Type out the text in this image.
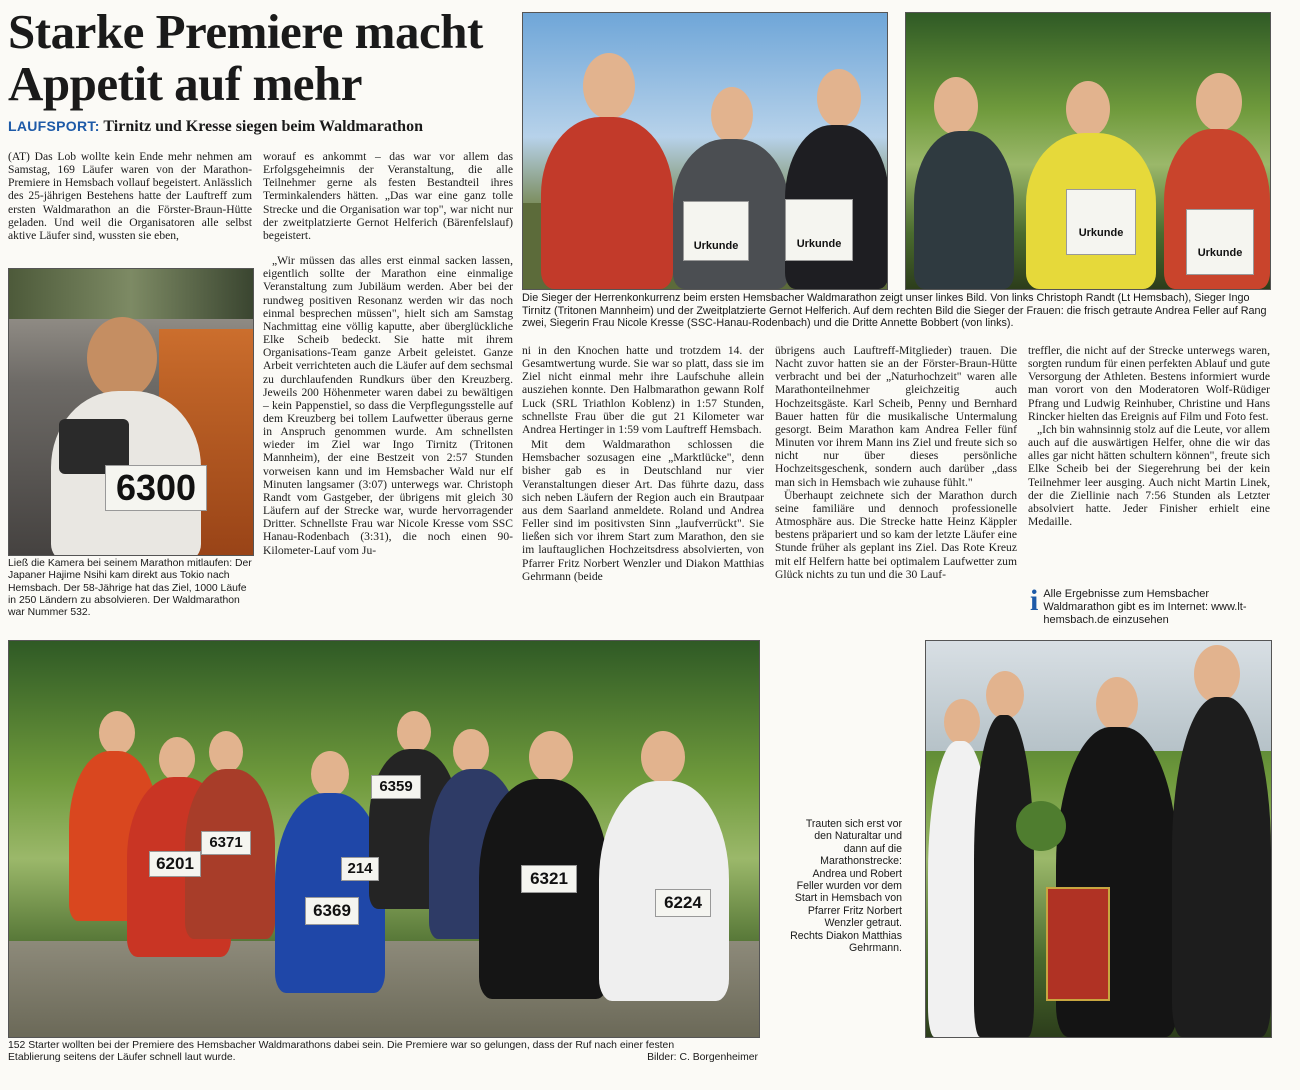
Starke Premiere macht Appetit auf mehr
LAUFSPORT: Tirnitz und Kresse siegen beim Waldmarathon

(AT) Das Lob wollte kein Ende mehr nehmen am Samstag, 169 Läufer waren von der Marathon-Premiere in Hemsbach vollauf begeistert. Anlässlich des 25-jährigen Bestehens hatte der Lauftreff zum ersten Waldmarathon an die Förster-Braun-Hütte geladen. Und weil die Organisatoren alle selbst aktive Läufer sind, wussten sie eben,

6300
Ließ die Kamera bei seinem Marathon mitlaufen: Der Japaner Hajime Nsihi kam direkt aus Tokio nach Hemsbach. Der 58-Jährige hat das Ziel, 1000 Läufe in 250 Ländern zu absolvieren. Der Waldmarathon war Nummer 532.

worauf es ankommt – das war vor allem das Erfolgsgeheimnis der Veranstaltung, die alle Teilnehmer gerne als festen Bestandteil ihres Terminkalenders hätten. „Das war eine ganz tolle Strecke und die Organisation war top", war nicht nur der zweitplatzierte Gernot Helferich (Bärenfelslauf) begeistert.

„Wir müssen das alles erst einmal sacken lassen, eigentlich sollte der Marathon eine einmalige Veranstaltung zum Jubiläum werden. Aber bei der rundweg positiven Resonanz werden wir das noch einmal besprechen müssen", hielt sich am Samstag Nachmittag eine völlig kaputte, aber überglückliche Elke Scheib bedeckt. Sie hatte mit ihrem Organisations-Team ganze Arbeit geleistet. Ganze Arbeit verrichteten auch die Läufer auf dem sechsmal zu durchlaufenden Rundkurs über den Kreuzberg. Jeweils 200 Höhenmeter waren dabei zu bewältigen – kein Pappenstiel, so dass die Verpflegungsstelle auf dem Kreuzberg bei tollem Laufwetter überaus gerne in Anspruch genommen wurde. Am schnellsten wieder im Ziel war Ingo Tirnitz (Tritonen Mannheim), der eine Bestzeit von 2:57 Stunden vorweisen kann und im Hemsbacher Wald nur elf Minuten langsamer (3:07) unterwegs war. Christoph Randt vom Gastgeber, der übrigens mit gleich 30 Läufern auf der Strecke war, wurde hervorragender Dritter. Schnellste Frau war Nicole Kresse vom SSC Hanau-Rodenbach (3:31), die noch einen 90-Kilometer-Lauf vom Ju-

Urkunde	Urkunde
Urkunde
Urkunde
Die Sieger der Herrenkonkurrenz beim ersten Hemsbacher Waldmarathon zeigt unser linkes Bild. Von links Christoph Randt (Lt Hemsbach), Sieger Ingo Tirnitz (Tritonen Mannheim) und der Zweitplatzierte Gernot Helferich. Auf dem rechten Bild die Sieger der Frauen: die frisch getraute Andrea Feller auf Rang zwei, Siegerin Frau Nicole Kresse (SSC-Hanau-Rodenbach) und die Dritte Annette Bobbert (von links).

ni in den Knochen hatte und trotzdem 14. der Gesamtwertung wurde. Sie war so platt, dass sie im Ziel nicht einmal mehr ihre Laufschuhe allein ausziehen konnte. Den Halbmarathon gewann Rolf Luck (SRL Triathlon Koblenz) in 1:57 Stunden, schnellste Frau über die gut 21 Kilometer war Andrea Hertinger in 1:59 vom Lauftreff Hemsbach.

Mit dem Waldmarathon schlossen die Hemsbacher sozusagen eine „Marktlücke", denn bisher gab es in Deutschland nur vier Veranstaltungen dieser Art. Das führte dazu, dass sich neben Läufern der Region auch ein Brautpaar aus dem Saarland anmeldete. Roland und Andrea Feller sind im positivsten Sinn „laufverrückt". Sie ließen sich vor ihrem Start zum Marathon, den sie im lauftauglichen Hochzeitsdress absolvierten, von Pfarrer Fritz Norbert Wenzler und Diakon Matthias Gehrmann (beide

übrigens auch Lauftreff-Mitglieder) trauen. Die Nacht zuvor hatten sie an der Förster-Braun-Hütte verbracht und bei der „Naturhochzeit" waren alle Marathonteilnehmer gleichzeitig auch Hochzeitsgäste. Karl Scheib, Penny und Bernhard Bauer hatten für die musikalische Untermalung gesorgt. Beim Marathon kam Andrea Feller fünf Minuten vor ihrem Mann ins Ziel und freute sich so nicht nur über dieses persönliche Hochzeitsgeschenk, sondern auch darüber „dass man sich in Hemsbach wie zuhause fühlt."

Überhaupt zeichnete sich der Marathon durch seine familiäre und dennoch professionelle Atmosphäre aus. Die Strecke hatte Heinz Käppler bestens präpariert und so kam der letzte Läufer eine Stunde früher als geplant ins Ziel. Das Rote Kreuz mit elf Helfern hatte bei optimalem Laufwetter zum Glück nichts zu tun und die 30 Lauf-

treffler, die nicht auf der Strecke unterwegs waren, sorgten rundum für einen perfekten Ablauf und gute Versorgung der Athleten. Bestens informiert wurde man vorort von den Moderatoren Wolf-Rüdiger Pfrang und Ludwig Reinhuber, Christine und Hans Rincker hielten das Ereignis auf Film und Foto fest.

„Ich bin wahnsinnig stolz auf die Leute, vor allem auch auf die auswärtigen Helfer, ohne die wir das alles gar nicht hätten schultern können", freute sich Elke Scheib bei der Siegerehrung bei der kein Teilnehmer leer ausging. Auch nicht Martin Linek, der die Ziellinie nach 7:56 Stunden als Letzter absolviert hatte. Jeder Finisher erhielt eine Medaille.

i Alle Ergebnisse zum Hemsbacher Waldmarathon gibt es im Internet: www.lt-hemsbach.de einzusehen
6201
6371
6359
214
6369
6321
6224
152 Starter wollten bei der Premiere des Hemsbacher Waldmarathons dabei sein. Die Premiere war so gelungen, dass der Ruf nach einer festen
Etablierung seitens der Läufer schnell laut wurde.	Bilder: C. Borgenheimer
Trauten sich erst vor den Naturaltar und dann auf die Marathonstrecke: Andrea und Robert Feller wurden vor dem Start in Hemsbach von Pfarrer Fritz Norbert Wenzler getraut. Rechts Diakon Matthias Gehrmann.
